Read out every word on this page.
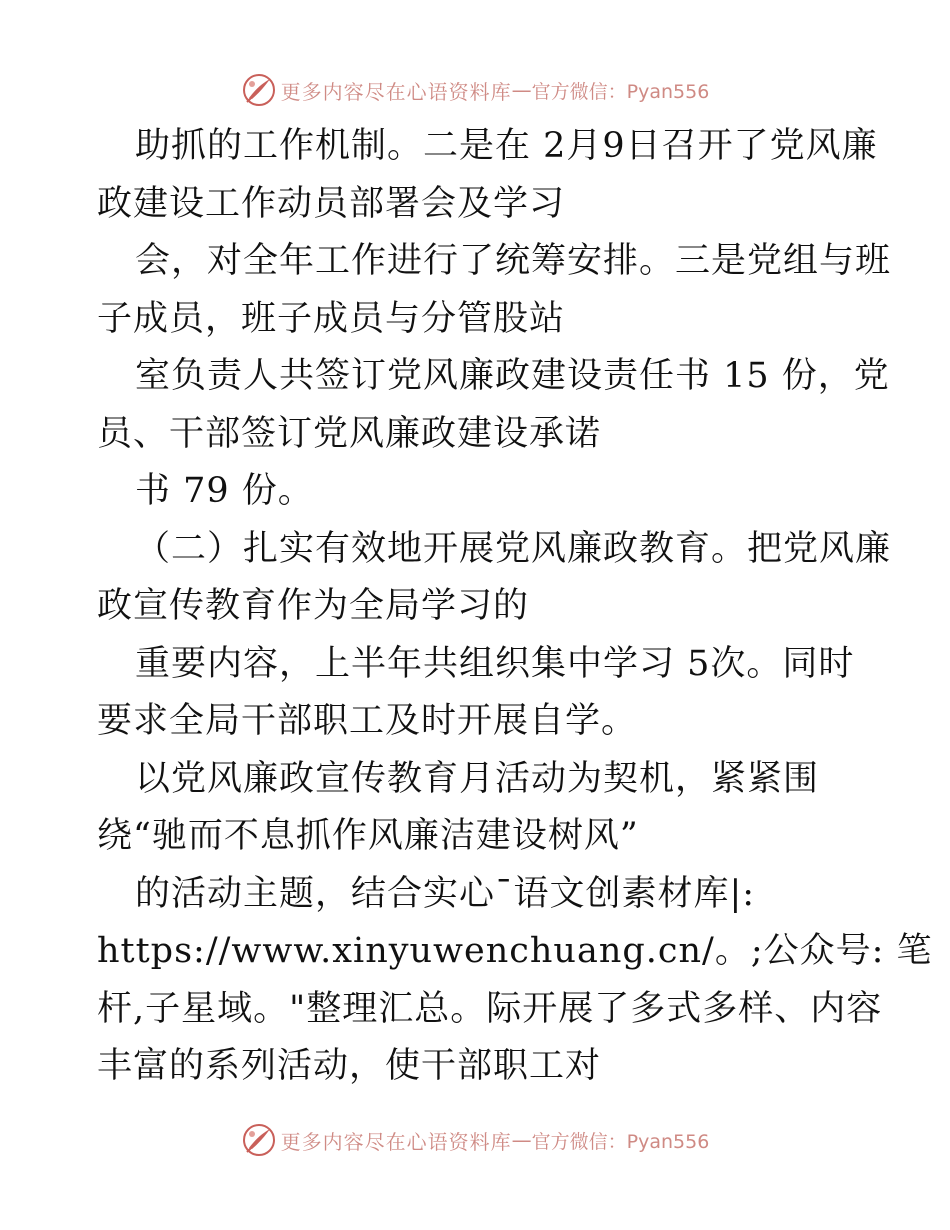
更多内容尽在心语资料库 — 官方微信：Pyan556
助抓的工作机制。二是在 2月9日召开了党风廉
政建设工作动员部署会及学习
会，对全年工作进行了统筹安排。三是党组与班
子成员，班子成员与分管股站
室负责人共签订党风廉政建设责任书 15 份，党
员、干部签订党风廉政建设承诺
书 79 份。
（二）扎实有效地开展党风廉政教育。把党风廉
政宣传教育作为全局学习的
重要内容，上半年共组织集中学习 5次。同时
要求全局干部职工及时开展自学。
以党风廉政宣传教育月活动为契机，紧紧围
绕“驰而不息抓作风廉洁建设树风”
的活动主题，结合实心¯语文创素材库|:
https://www.xinyuwenchuang.cn/。;公众号: 笔
杆,子星域。"整理汇总。际开展了多式多样、内容
丰富的系列活动，使干部职工对
更多内容尽在心语资料库 — 官方微信：Pyan556
